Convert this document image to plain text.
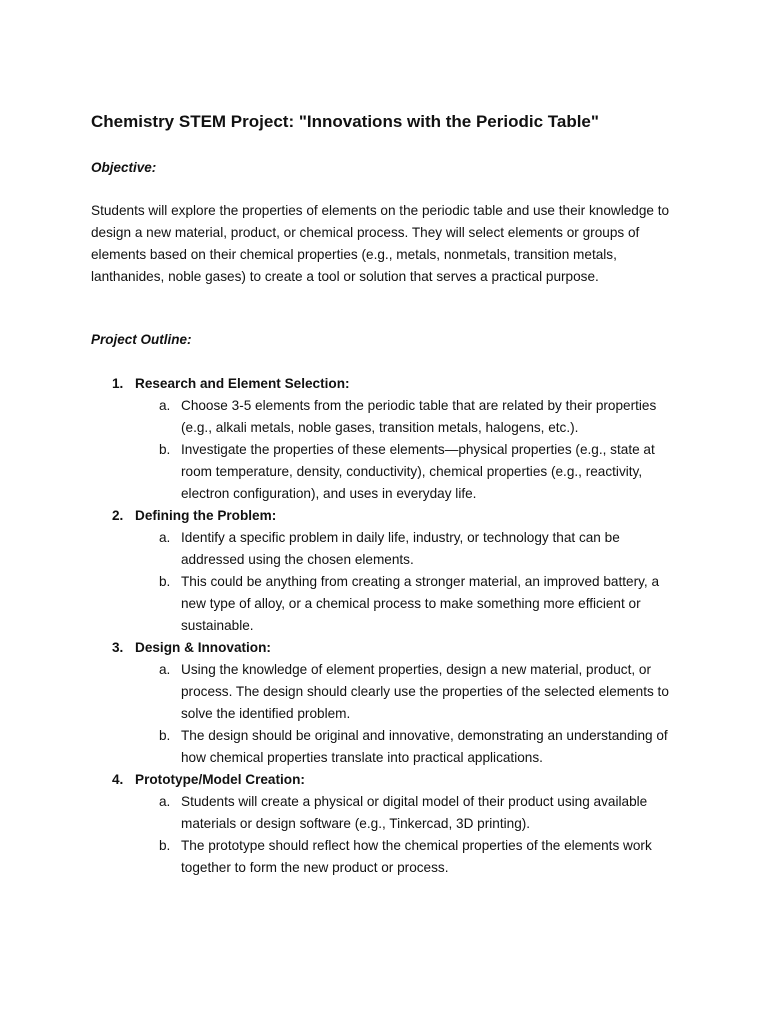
Chemistry STEM Project: "Innovations with the Periodic Table"
Objective:

Students will explore the properties of elements on the periodic table and use their knowledge to design a new material, product, or chemical process. They will select elements or groups of elements based on their chemical properties (e.g., metals, nonmetals, transition metals, lanthanides, noble gases) to create a tool or solution that serves a practical purpose.

Project Outline:
1. Research and Element Selection:
a. Choose 3-5 elements from the periodic table that are related by their properties (e.g., alkali metals, noble gases, transition metals, halogens, etc.).
b. Investigate the properties of these elements—physical properties (e.g., state at room temperature, density, conductivity), chemical properties (e.g., reactivity, electron configuration), and uses in everyday life.
2. Defining the Problem:
a. Identify a specific problem in daily life, industry, or technology that can be addressed using the chosen elements.
b. This could be anything from creating a stronger material, an improved battery, a new type of alloy, or a chemical process to make something more efficient or sustainable.
3. Design & Innovation:
a. Using the knowledge of element properties, design a new material, product, or process. The design should clearly use the properties of the selected elements to solve the identified problem.
b. The design should be original and innovative, demonstrating an understanding of how chemical properties translate into practical applications.
4. Prototype/Model Creation:
a. Students will create a physical or digital model of their product using available materials or design software (e.g., Tinkercad, 3D printing).
b. The prototype should reflect how the chemical properties of the elements work together to form the new product or process.
